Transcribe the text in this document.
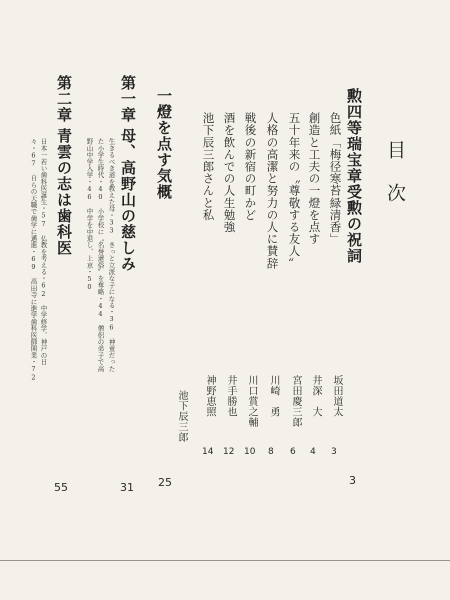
目次
勲四等瑞宝章受勲の祝詞
3
色紙「梅径寒苔緑清香」
坂田道太
3
創造と工夫の一燈を点す
井深　大
4
五十年来の〝尊敬する友人〟
宮田慶三郎
6
人格の高潔と努力の人に賛辞
川崎　勇
8
戦後の新宿の町かど
川口賞之輔
10
酒を飲んでの人生勉強
井手勝也
12
池下辰三郎さんと私
神野恵照
14
一燈を点す気概
池下辰三郎
25
第一章
母、高野山の慈しみ
31
生きるべき道を教えた母・33　きっと立派な子になる・36　神童だった
た小学生時代・40　小学校に〝名誉還俗〟を奪略・44　僧侶の弟子で高
野山中学入学・46　中学を中退し、上京・50
第二章
青雲の志は歯科医
55
日本一若い歯科医誕生・57　仏教を考える・62　中学修学、神戸の日
々・67　自らの天職で歯学に邁進・69　高田寺に進学歯科医師開業・72
